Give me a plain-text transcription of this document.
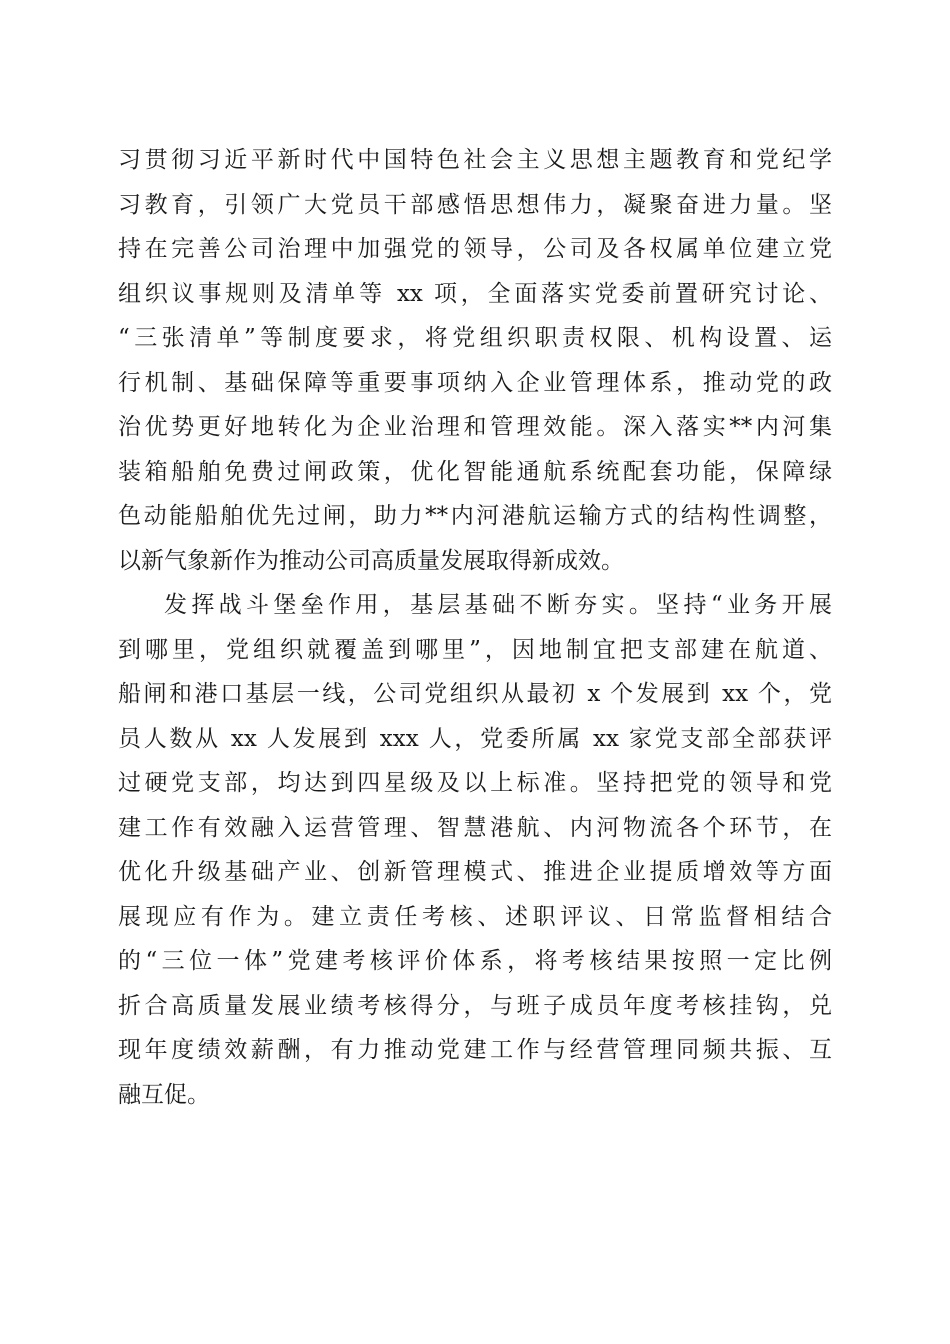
习贯彻习近平新时代中国特色社会主义思想主题教育和党纪学
习教育，引领广大党员干部感悟思想伟力，凝聚奋进力量。坚
持在完善公司治理中加强党的领导，公司及各权属单位建立党
组织议事规则及清单等 xx 项，全面落实党委前置研究讨论、
“三张清单”等制度要求，将党组织职责权限、机构设置、运
行机制、基础保障等重要事项纳入企业管理体系，推动党的政
治优势更好地转化为企业治理和管理效能。深入落实**内河集
装箱船舶免费过闸政策，优化智能通航系统配套功能，保障绿
色动能船舶优先过闸，助力**内河港航运输方式的结构性调整，
以新气象新作为推动公司高质量发展取得新成效。
发挥战斗堡垒作用，基层基础不断夯实。坚持“业务开展
到哪里，党组织就覆盖到哪里”，因地制宜把支部建在航道、
船闸和港口基层一线，公司党组织从最初 x 个发展到 xx 个，党
员人数从 xx 人发展到 xxx 人，党委所属 xx 家党支部全部获评
过硬党支部，均达到四星级及以上标准。坚持把党的领导和党
建工作有效融入运营管理、智慧港航、内河物流各个环节，在
优化升级基础产业、创新管理模式、推进企业提质增效等方面
展现应有作为。建立责任考核、述职评议、日常监督相结合
的“三位一体”党建考核评价体系，将考核结果按照一定比例
折合高质量发展业绩考核得分，与班子成员年度考核挂钩，兑
现年度绩效薪酬，有力推动党建工作与经营管理同频共振、互
融互促。
